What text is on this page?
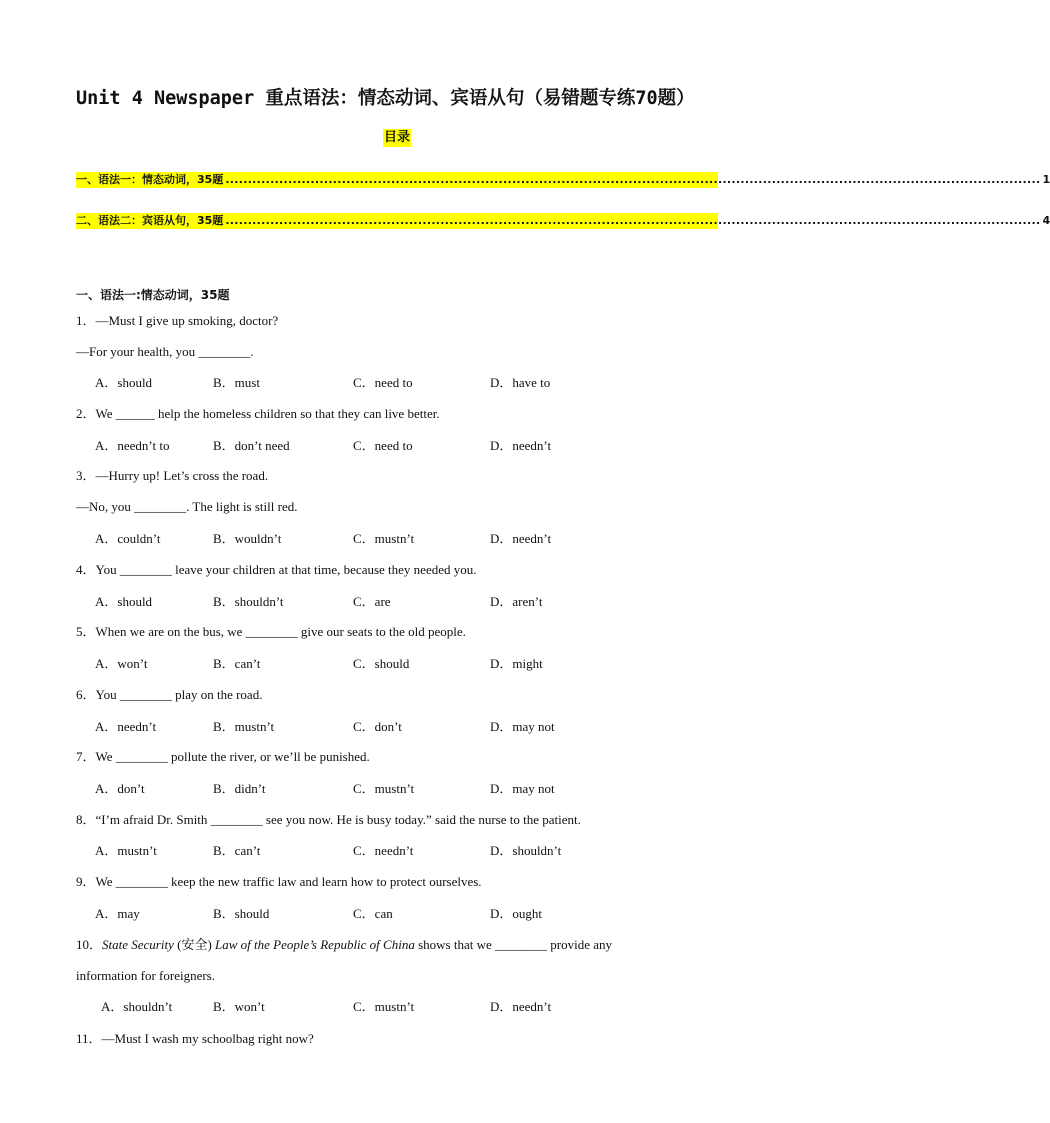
Unit 4 Newspaper 重点语法：情态动词、宾语从句（易错题专练70题）
目录
一、语法一：情态动词，35题 ...................................................................................................................................................................................... 1
二、语法二：宾语从句，35题 ...................................................................................................................................................................................... 4
一、语法一:情态动词，35题
1．—Must I give up smoking, doctor?
—For your health, you ________.
A．should	B．must	C．need to	D．have to
2．We ______ help the homeless children so that they can live better.
A．needn’t to	B．don’t need	C．need to	D．needn’t
3．—Hurry up! Let’s cross the road.
—No, you ________. The light is still red.
A．couldn’t	B．wouldn’t	C．mustn’t	D．needn’t
4．You ________ leave your children at that time, because they needed you.
A．should	B．shouldn’t	C．are	D．aren’t
5．When we are on the bus, we ________ give our seats to the old people.
A．won’t	B．can’t	C．should	D．might
6．You ________ play on the road.
A．needn’t	B．mustn’t	C．don’t	D．may not
7．We ________ pollute the river, or we’ll be punished.
A．don’t	B．didn’t	C．mustn’t	D．may not
8．“I’m afraid Dr. Smith ________ see you now. He is busy today.” said the nurse to the patient.
A．mustn’t	B．can’t	C．needn’t	D．shouldn’t
9．We ________ keep the new traffic law and learn how to protect ourselves.
A．may	B．should	C．can	D．ought
10．State Security (安全) Law of the People’s Republic of China shows that we ________ provide any
information for foreigners.
A．shouldn’t	B．won’t	C．mustn’t	D．needn’t
11．—Must I wash my schoolbag right now?
